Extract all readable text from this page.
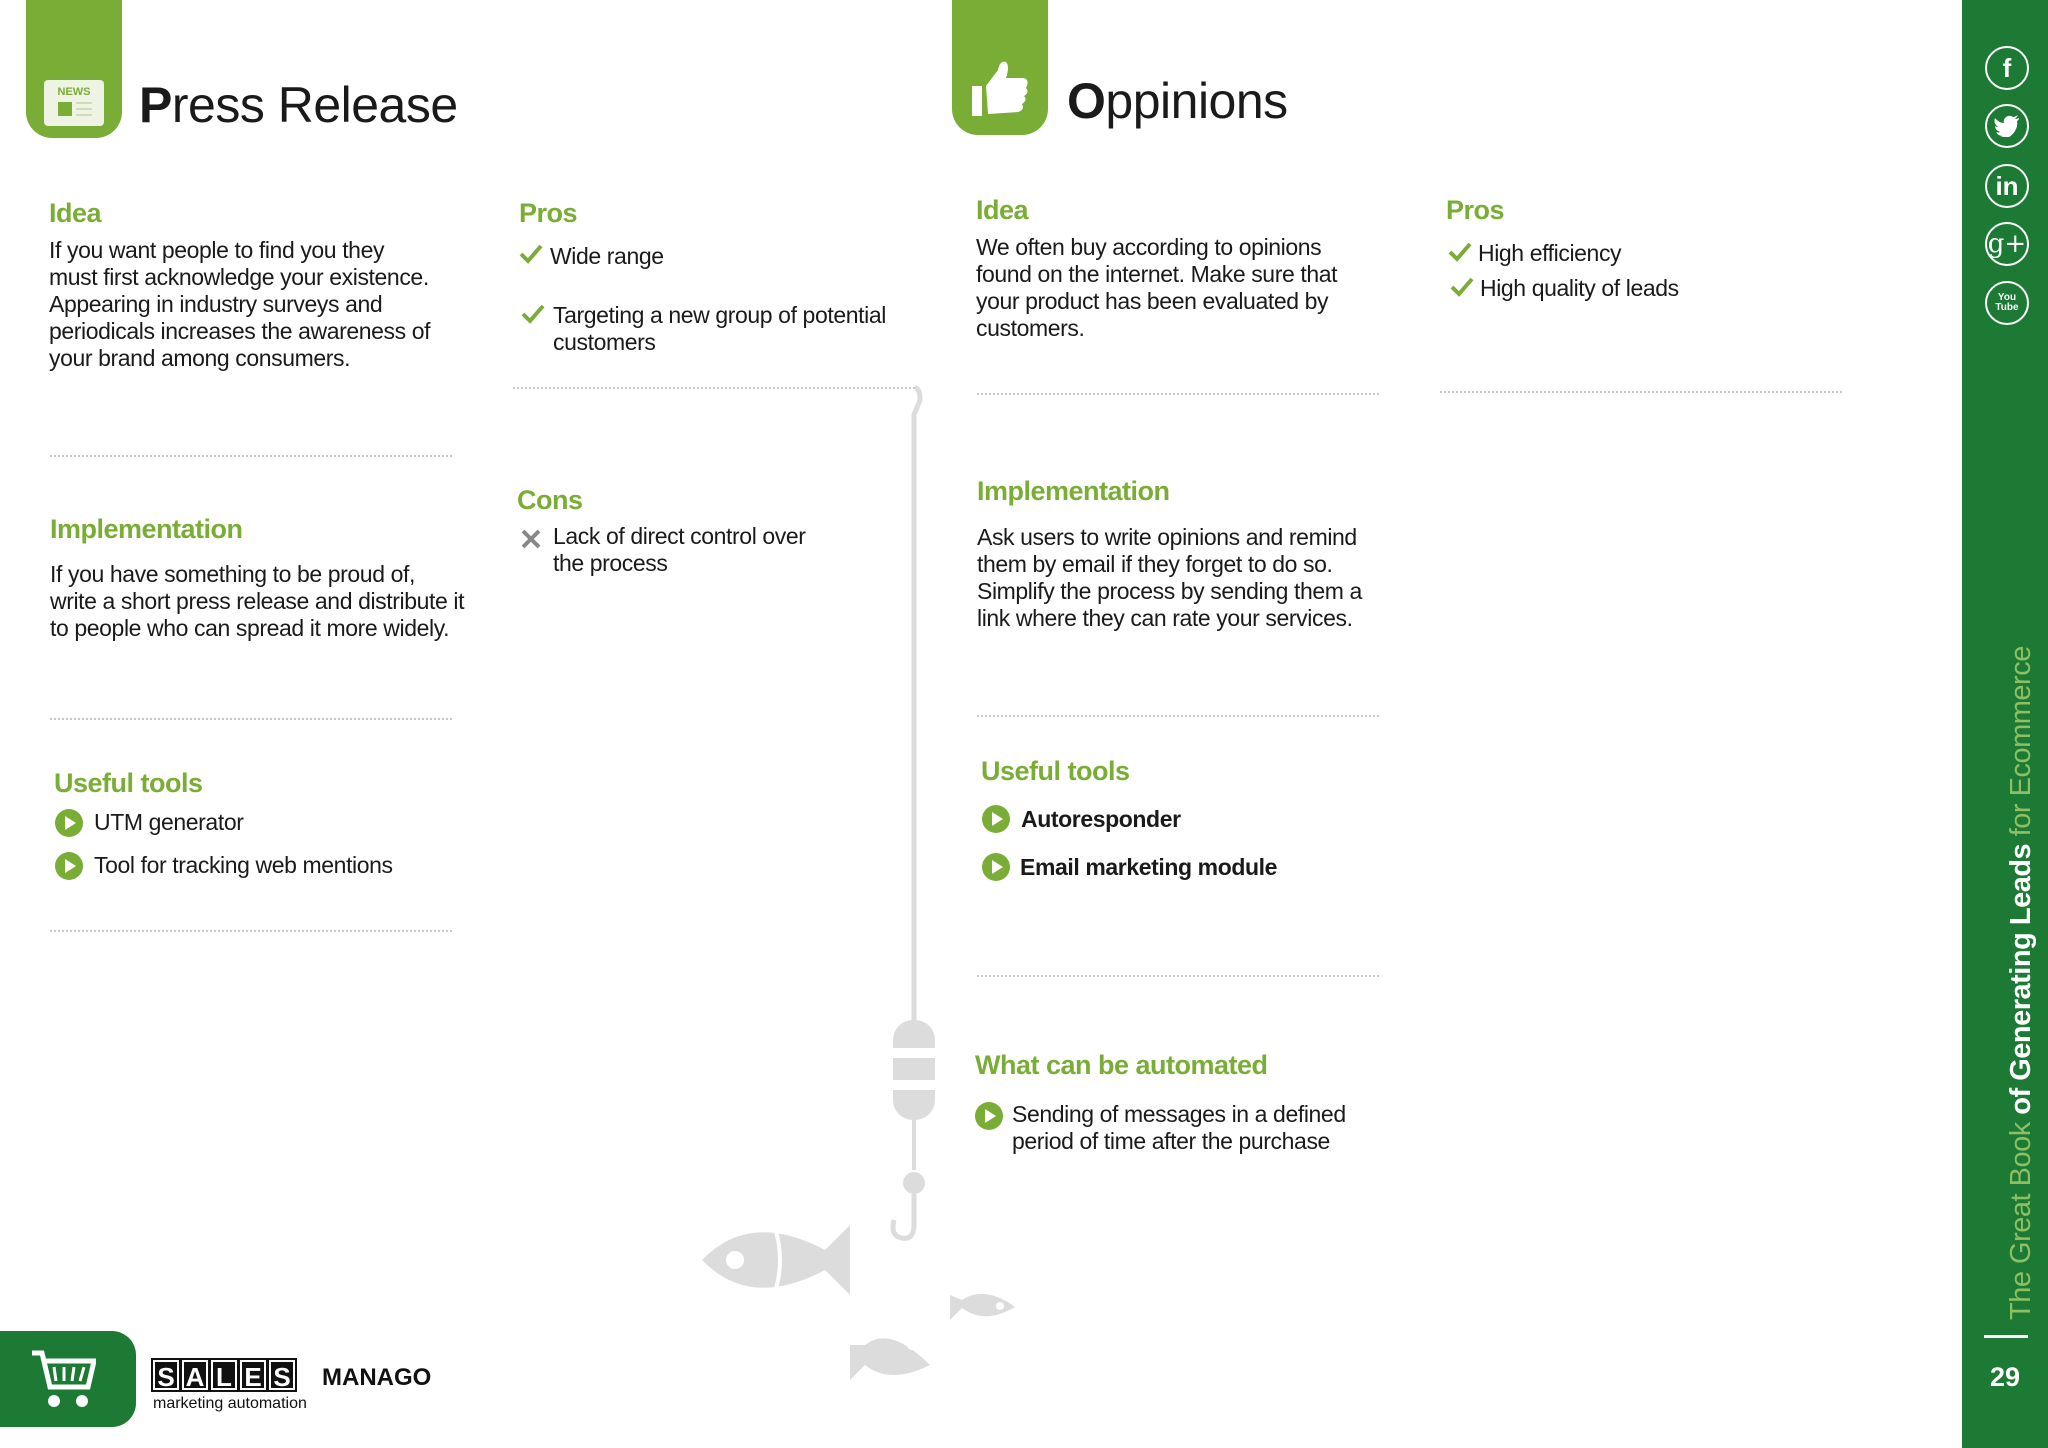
NEWS Press Release
Idea
If you want people to find you they
must first acknowledge your existence.
Appearing in industry surveys and
periodicals increases the awareness of
your brand among consumers.
Implementation
If you have something to be proud of,
write a short press release and distribute it
to people who can spread it more widely.
Useful tools
UTM generator
Tool for tracking web mentions
Pros
Wide range
Targeting a new group of potential
customers
Cons
Lack of direct control over
the process
Oppinions
Idea
We often buy according to opinions
found on the internet. Make sure that
your product has been evaluated by
customers.
Implementation
Ask users to write opinions and remind
them by email if they forget to do so.
Simplify the process by sending them a
link where they can rate your services.
Useful tools
Autoresponder
Email marketing module
What can be automated
Sending of messages in a defined
period of time after the purchase
Pros
High efficiency
High quality of leads
f
in
g+
You Tube
The Great Book of Generating Leads for Ecommerce
29
S A L E S MANAGO
marketing automation
